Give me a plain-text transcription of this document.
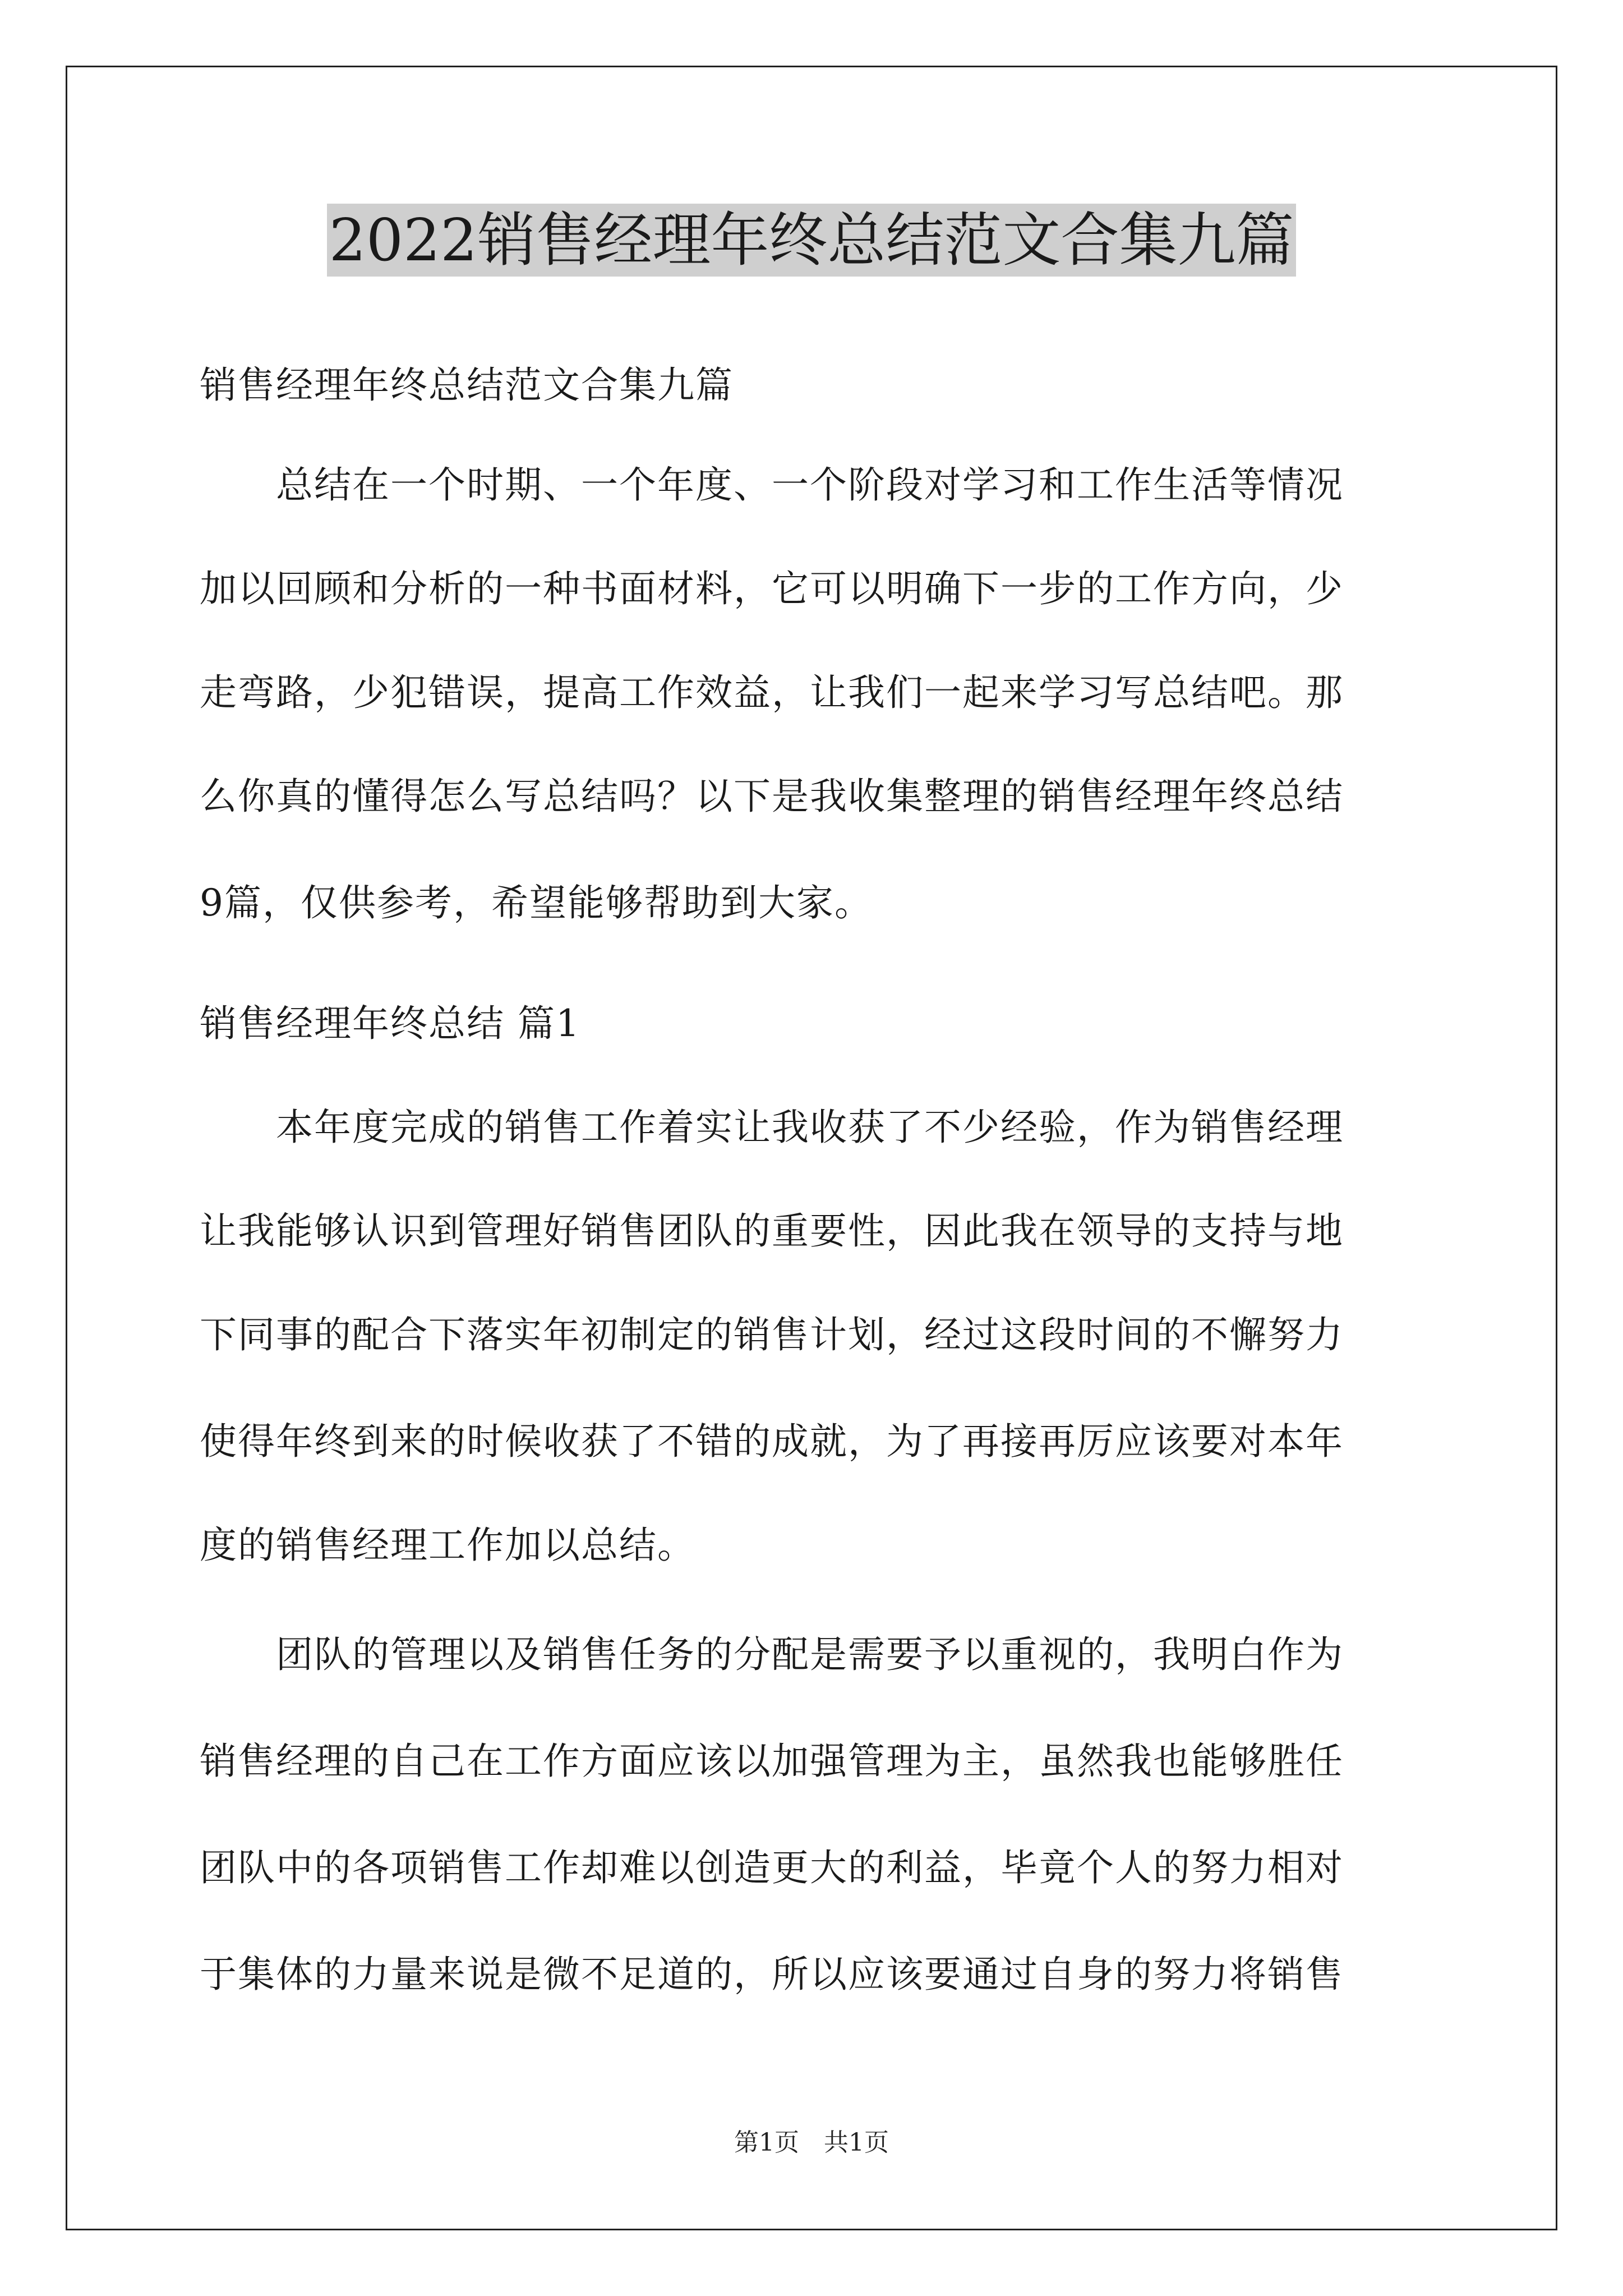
2022销售经理年终总结范文合集九篇
销售经理年终总结范文合集九篇
　　总结在一个时期、一个年度、一个阶段对学习和工作生活等情况
加以回顾和分析的一种书面材料，它可以明确下一步的工作方向，少
走弯路，少犯错误，提高工作效益，让我们一起来学习写总结吧。那
么你真的懂得怎么写总结吗？以下是我收集整理的销售经理年终总结
9篇，仅供参考，希望能够帮助到大家。
销售经理年终总结 篇1
　　本年度完成的销售工作着实让我收获了不少经验，作为销售经理
让我能够认识到管理好销售团队的重要性，因此我在领导的支持与地
下同事的配合下落实年初制定的销售计划，经过这段时间的不懈努力
使得年终到来的时候收获了不错的成就，为了再接再厉应该要对本年
度的销售经理工作加以总结。
　　团队的管理以及销售任务的分配是需要予以重视的，我明白作为
销售经理的自己在工作方面应该以加强管理为主，虽然我也能够胜任
团队中的各项销售工作却难以创造更大的利益，毕竟个人的努力相对
于集体的力量来说是微不足道的，所以应该要通过自身的努力将销售
第1页　共1页
